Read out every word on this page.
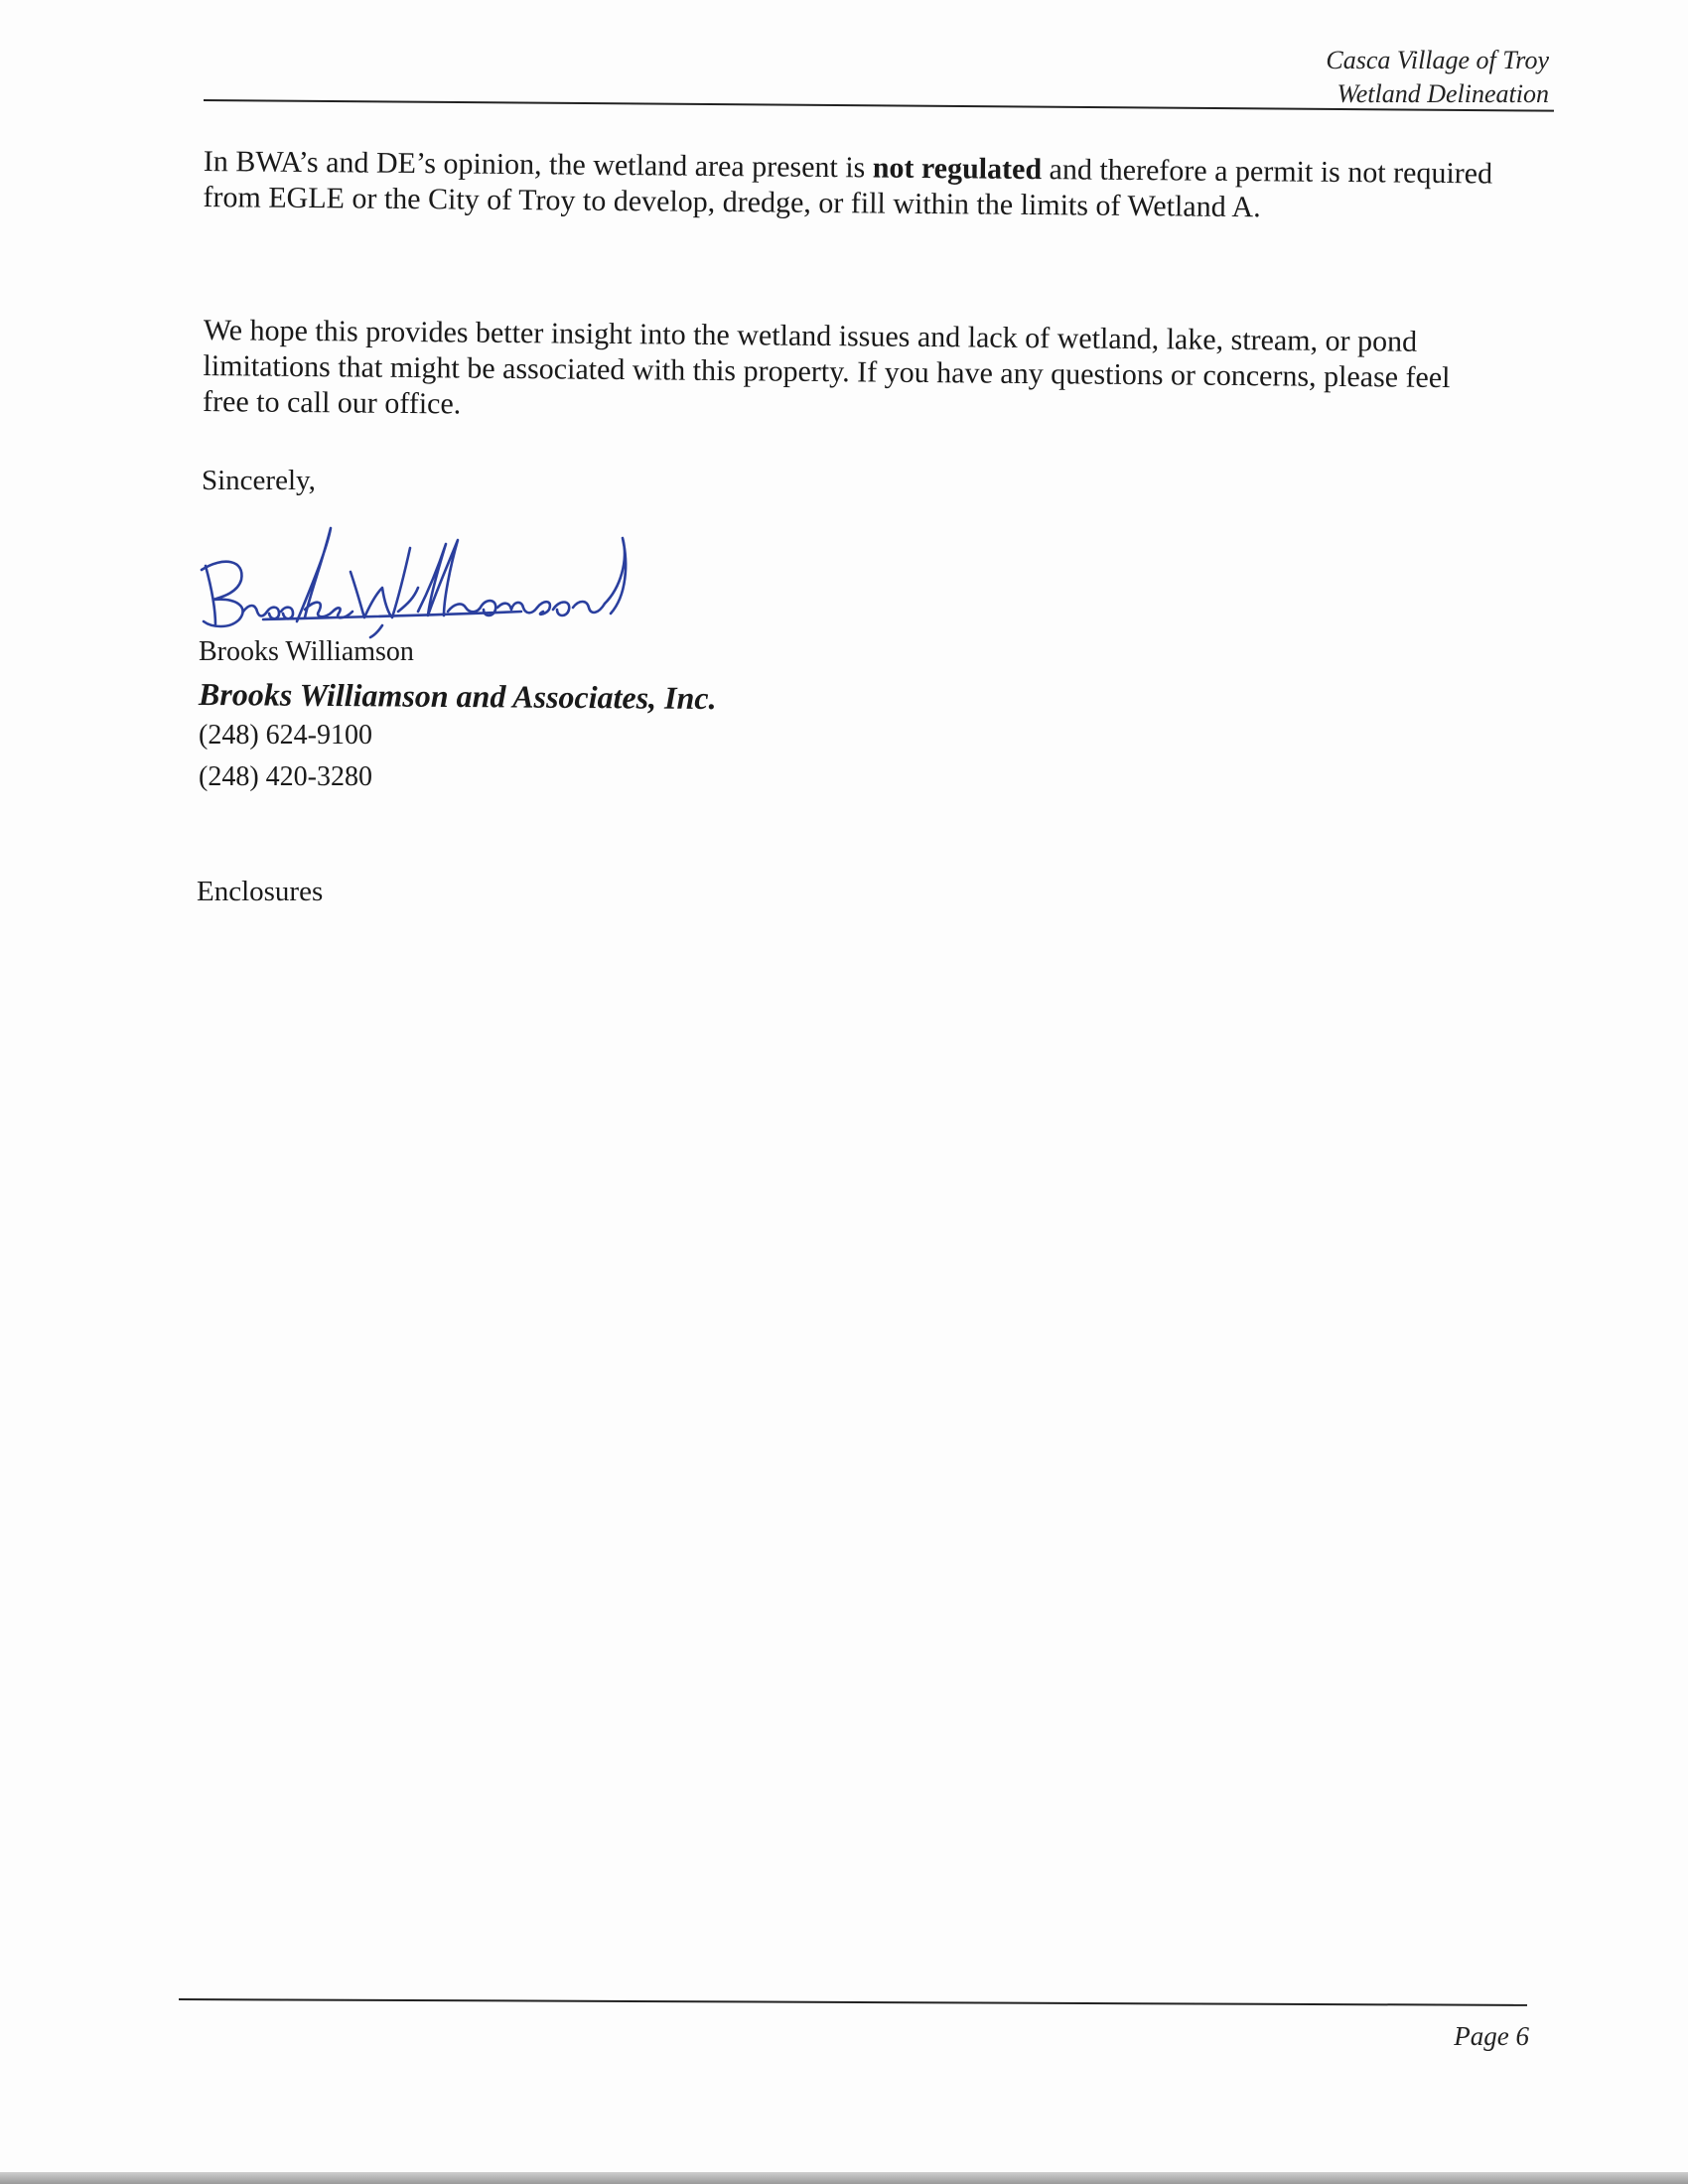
Casca Village of Troy
Wetland Delineation

In BWA’s and DE’s opinion, the wetland area present is not regulated and therefore a permit is not required from EGLE or the City of Troy to develop, dredge, or fill within the limits of Wetland A.

We hope this provides better insight into the wetland issues and lack of wetland, lake, stream, or pond limitations that might be associated with this property. If you have any questions or concerns, please feel free to call our office.

Sincerely,
Brooks Williamson
Brooks Williamson and Associates, Inc.
(248) 624-9100
(248) 420-3280
Enclosures
Page 6
